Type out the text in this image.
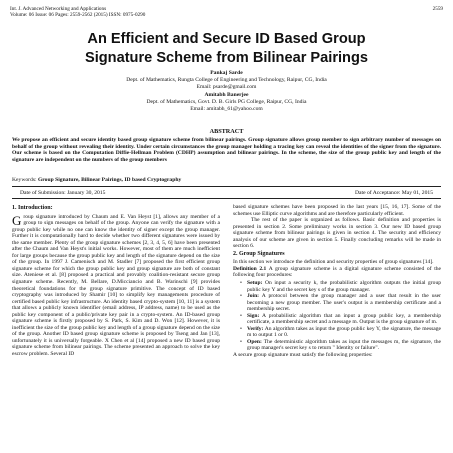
Int. J. Advanced Networking and Applications
Volume: 06 Issue: 06 Pages: 2559-2562 (2015) ISSN: 0975-0290
2559
An Efficient and Secure ID Based Group
Signature Scheme from Bilinear Pairings
Pankaj Sarde
Dept. of Mathematics, Rungta College of Engineering and Technology, Raipur, CG, India
Email: psarde@gmail.com
Amitabh Banerjee
Dept. of Mathematics, Govt. D. B. Girls PG College, Raipur, CG, India
Email: amitabh_61@yahoo.com
ABSTRACT
We propose an efficient and secure identity based group signature scheme from bilinear pairings. Group signature allows group member to sign arbitrary number of messages on behalf of the group without revealing their identity. Under certain circumstances the group manager holding a tracing key can reveal the identities of the signer from the signature. Our scheme is based on the Computation Diffie-Hellman Problem (CDHP) assumption and bilinear pairings. In the scheme, the size of the group public key and length of the signature are independent on the numbers of the group members
Keywords: Group Signature, Bilinear Pairings, ID based Cryptography
Date of Submission: January 30, 2015	Date of Acceptance: May 01, 2015
1. Introduction:

Group signature introduced by Chaum and E. Van Heyst [1], allows any member of a group to sign messages on behalf of the group. Anyone can verify the signature with a group public key while no one can know the identity of signer except the group manager. Further it is computationally hard to decide whether two different signatures were issued by the same member. Plenty of the group signature schemes [2, 3, 4, 5, 6] have been presented after the Chaum and Van Heyst's initial works. However, most of them are much inefficient for large groups because the group public key and length of the signature depend on the size of the group. In 1997 J. Camenisch and M. Stadler [7] proposed the first efficient group signature scheme for which the group public key and group signature are both of constant size. Ateniese et al. [8] proposed a practical and provably coalition-resistant secure group signature scheme. Recently, M. Bellare, D.Micciancio and B. Warinschi [9] provides theoretical foundations for the group signature primitive. The concept of ID based cryptography was introduced by Shamir [10] to simplify key managements procedure of certified based public key infrastructure. An identity based crypto-system [10, 11] is a system that allows a publicly known identifier (email address, IP address, name) to be used as the public key component of a public/private key pair in a crypto-system. An ID-based group signature scheme is firstly proposed by S. Park, S. Kim and D. Won [12]. However, it is inefficient the size of the group public key and length of a group signature depend on the size of the group. Another ID based group signature scheme is proposed by Tseng and Jan [13], unfortunately it is universally forgeable. X Chen et al [14] proposed a new ID based group signature scheme from bilinear pairings. The scheme presented an approach to solve the key escrow problem. Several ID

based signature schemes have been proposed in the last years [15, 16, 17]. Some of the schemes use Elliptic curve algorithms and are therefore particularly efficient.

The rest of the paper is organized as follows. Basic definition and properties is presented in section 2. Some preliminary works in section 3. Our new ID based group signature scheme from bilinear pairings is given in section 4. The security and efficiency analysis of our scheme are given in section 5. Finally concluding remarks will be made in section 6.

2. Group Signatures

In this section we introduce the definition and security properties of group signatures [14].

Definition 2.1 A group signature scheme is a digital signature scheme consisted of the following four procedures:

• Setup: On input a security k, the probabilistic algorithm outputs the initial group public key Y and the secret key s of the group manager.
• Join: A protocol between the group manager and a user that result in the user becoming a new group member. The user's output is a membership certificate and a membership secret.
• Sign: A probabilistic algorithm that an input a group public key, a membership certificate, a membership secret and a message m. Output is the group signature of m.
• Verify: An algorithm takes as input the group public key Y, the signature, the message m to output 1 or 0.
• Open: The deterministic algorithm takes as input the messages m, the signature, the group manager's secret key s to return " Identity or failure".

A secure group signature must satisfy the following properties:
